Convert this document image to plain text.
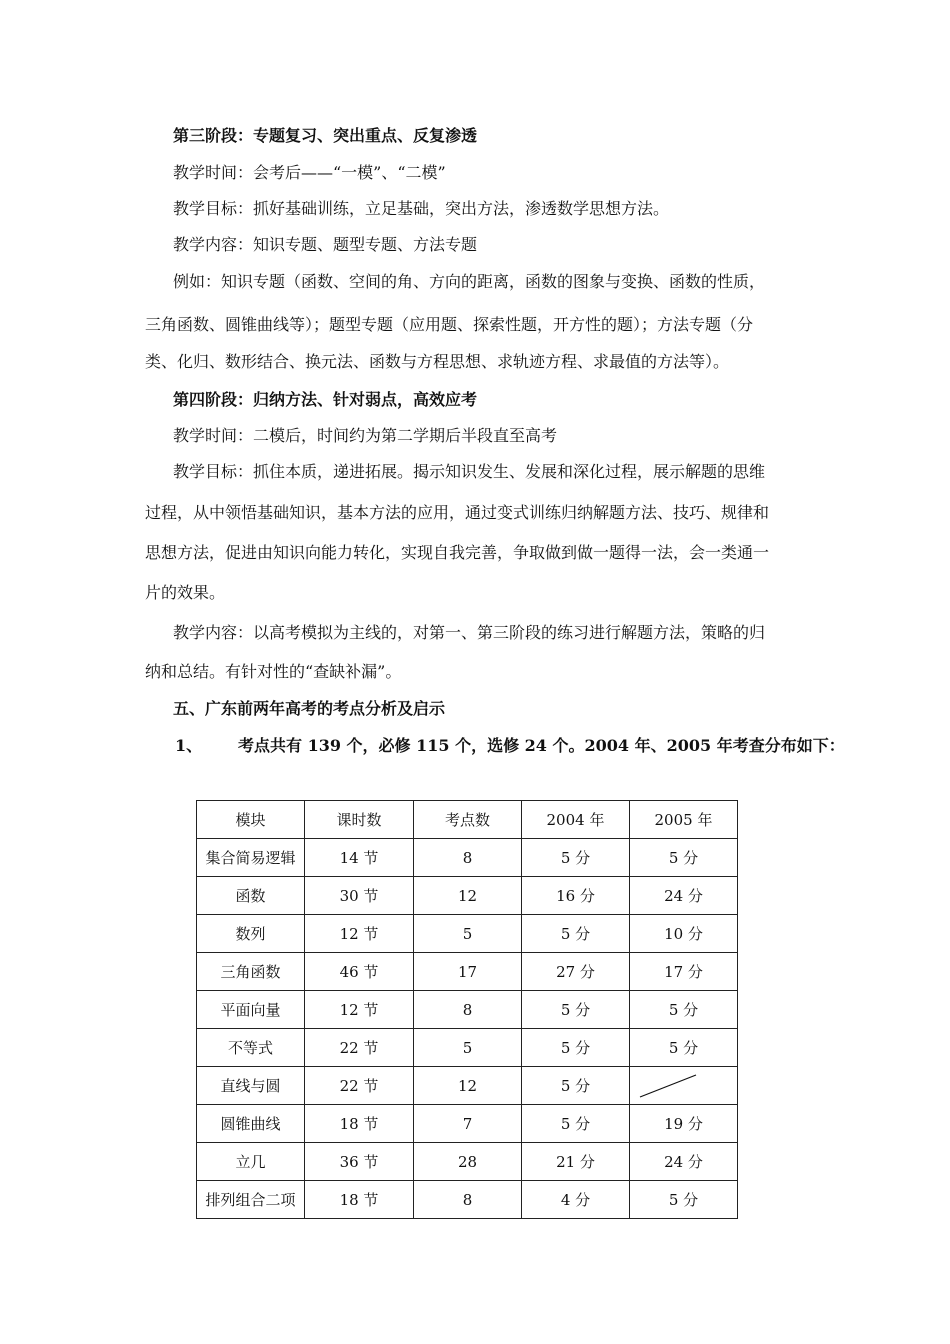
第三阶段：专题复习、突出重点、反复渗透
教学时间：会考后——“一模”、“二模”
教学目标：抓好基础训练，立足基础，突出方法，渗透数学思想方法。
教学内容：知识专题、题型专题、方法专题
例如：知识专题（函数、空间的角、方向的距离，函数的图象与变换、函数的性质，
三角函数、圆锥曲线等）；题型专题（应用题、探索性题，开方性的题）；方法专题（分
类、化归、数形结合、换元法、函数与方程思想、求轨迹方程、求最值的方法等）。
第四阶段：归纳方法、针对弱点，高效应考
教学时间：二模后，时间约为第二学期后半段直至高考
教学目标：抓住本质，递进拓展。揭示知识发生、发展和深化过程，展示解题的思维
过程，从中领悟基础知识，基本方法的应用，通过变式训练归纳解题方法、技巧、规律和
思想方法，促进由知识向能力转化，实现自我完善，争取做到做一题得一法，会一类通一
片的效果。
教学内容：以高考模拟为主线的，对第一、第三阶段的练习进行解题方法，策略的归
纳和总结。有针对性的“查缺补漏”。
五、广东前两年高考的考点分析及启示
1、 考点共有 139 个，必修 115 个，选修 24 个。2004 年、2005 年考查分布如下：
模块	课时数	考点数	2004 年	2005 年
集合简易逻辑	14 节	8	5 分	5 分
函数	30 节	12	16 分	24 分
数列	12 节	5	5 分	10 分
三角函数	46 节	17	27 分	17 分
平面向量	12 节	8	5 分	5 分
不等式	22 节	5	5 分	5 分
直线与圆	22 节	12	5 分	

圆锥曲线	18 节	7	5 分	19 分
立几	36 节	28	21 分	24 分
排列组合二项	18 节	8	4 分	5 分
